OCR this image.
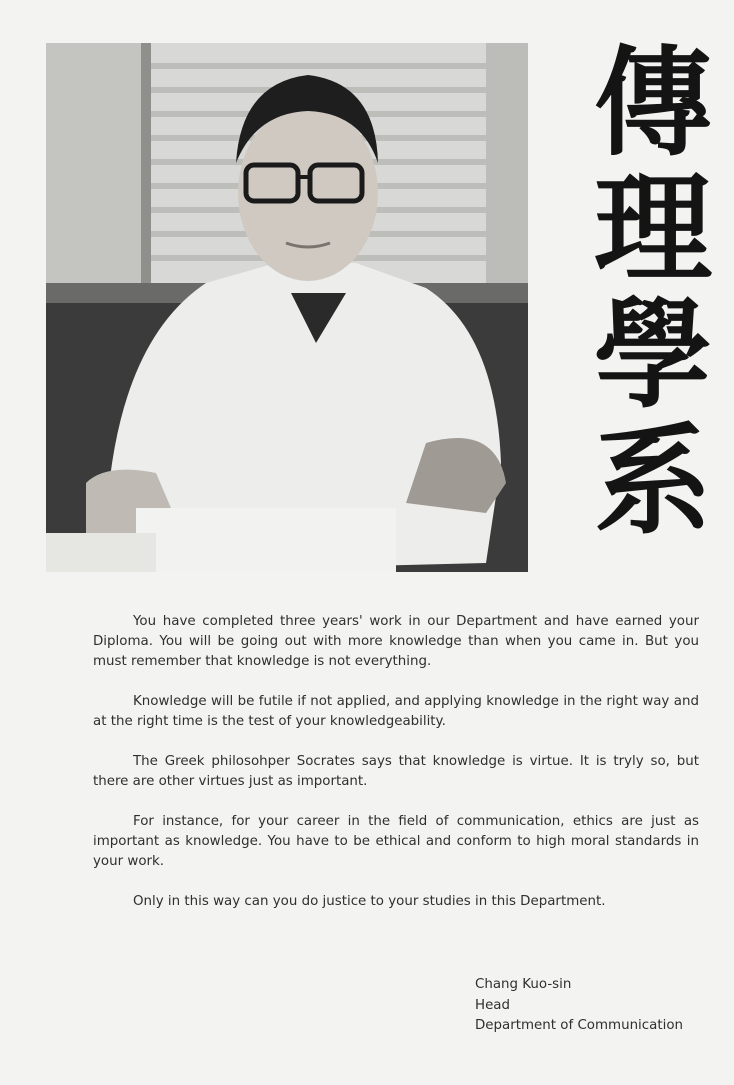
傳
理
學
系

You have completed three years' work in our Department and have earned your Diploma. You will be going out with more knowledge than when you came in. But you must remember that knowledge is not everything.

Knowledge will be futile if not applied, and applying knowledge in the right way and at the right time is the test of your knowledgeability.

The Greek philosohper Socrates says that knowledge is virtue. It is tryly so, but there are other virtues just as important.

For instance, for your career in the field of communication, ethics are just as important as knowledge. You have to be ethical and conform to high moral standards in your work.

Only in this way can you do justice to your studies in this Department.

Chang Kuo-sin
Head
Department of Communication
